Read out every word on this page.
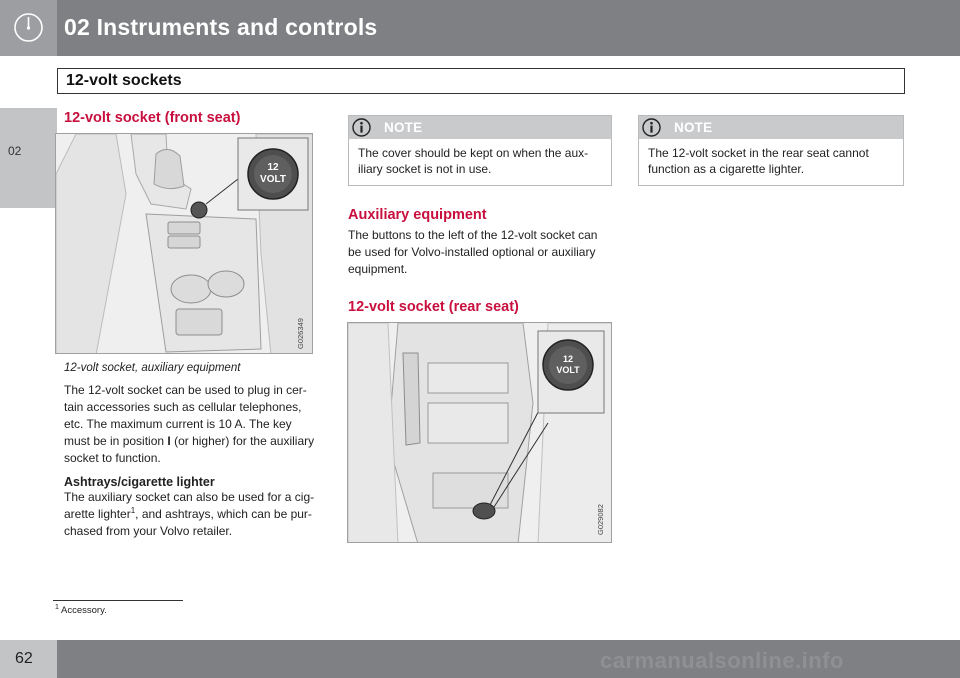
02 Instruments and controls
12-volt sockets
02
12-volt socket (front seat)
12
VOLT
G026349

12-volt socket, auxiliary equipment

The 12-volt socket can be used to plug in cer-
tain accessories such as cellular telephones,
etc. The maximum current is 10 A. The key
must be in position I (or higher) for the auxiliary
socket to function.

Ashtrays/cigarette lighter

The auxiliary socket can also be used for a cig-
arette lighter$^1$, and ashtrays, which can be pur-
chased from your Volvo retailer.

NOTE
The cover should be kept on when the aux-
iliary socket is not in use.
Auxiliary equipment

The buttons to the left of the 12-volt socket can
be used for Volvo-installed optional or auxiliary
equipment.

12-volt socket (rear seat)
12
VOLT
G029082
NOTE
The 12-volt socket in the rear seat cannot
function as a cigarette lighter.
$^1$ Accessory.
62	carmanualsonline.info
